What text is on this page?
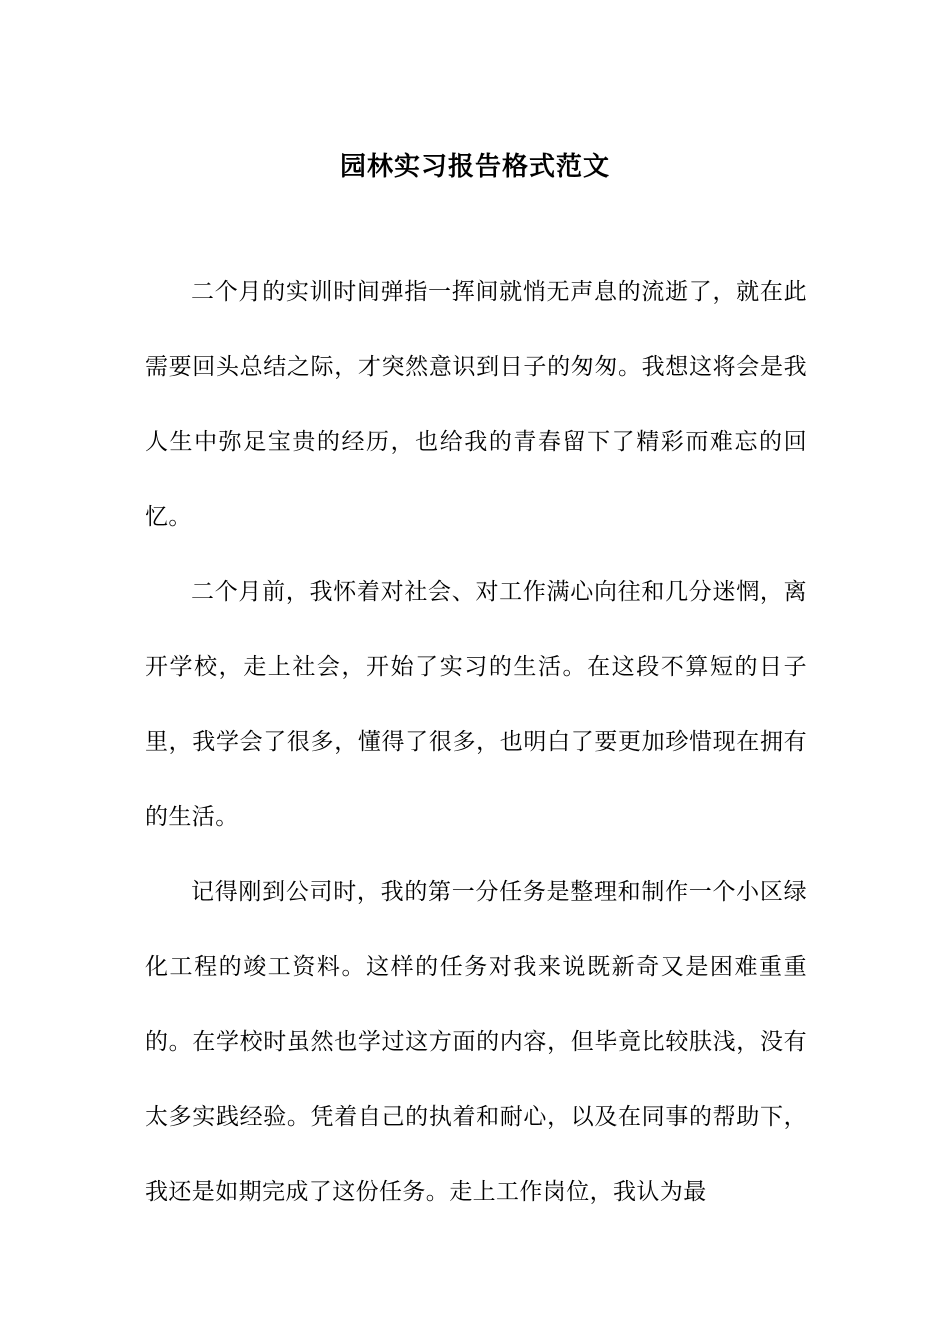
园林实习报告格式范文

二个月的实训时间弹指一挥间就悄无声息的流逝了，就在此需要回头总结之际，才突然意识到日子的匆匆。我想这将会是我人生中弥足宝贵的经历，也给我的青春留下了精彩而难忘的回忆。

二个月前，我怀着对社会、对工作满心向往和几分迷惘，离开学校，走上社会，开始了实习的生活。在这段不算短的日子里，我学会了很多，懂得了很多，也明白了要更加珍惜现在拥有的生活。

记得刚到公司时，我的第一分任务是整理和制作一个小区绿化工程的竣工资料。这样的任务对我来说既新奇又是困难重重的。在学校时虽然也学过这方面的内容，但毕竟比较肤浅，没有太多实践经验。凭着自己的执着和耐心，以及在同事的帮助下，我还是如期完成了这份任务。走上工作岗位，我认为最
